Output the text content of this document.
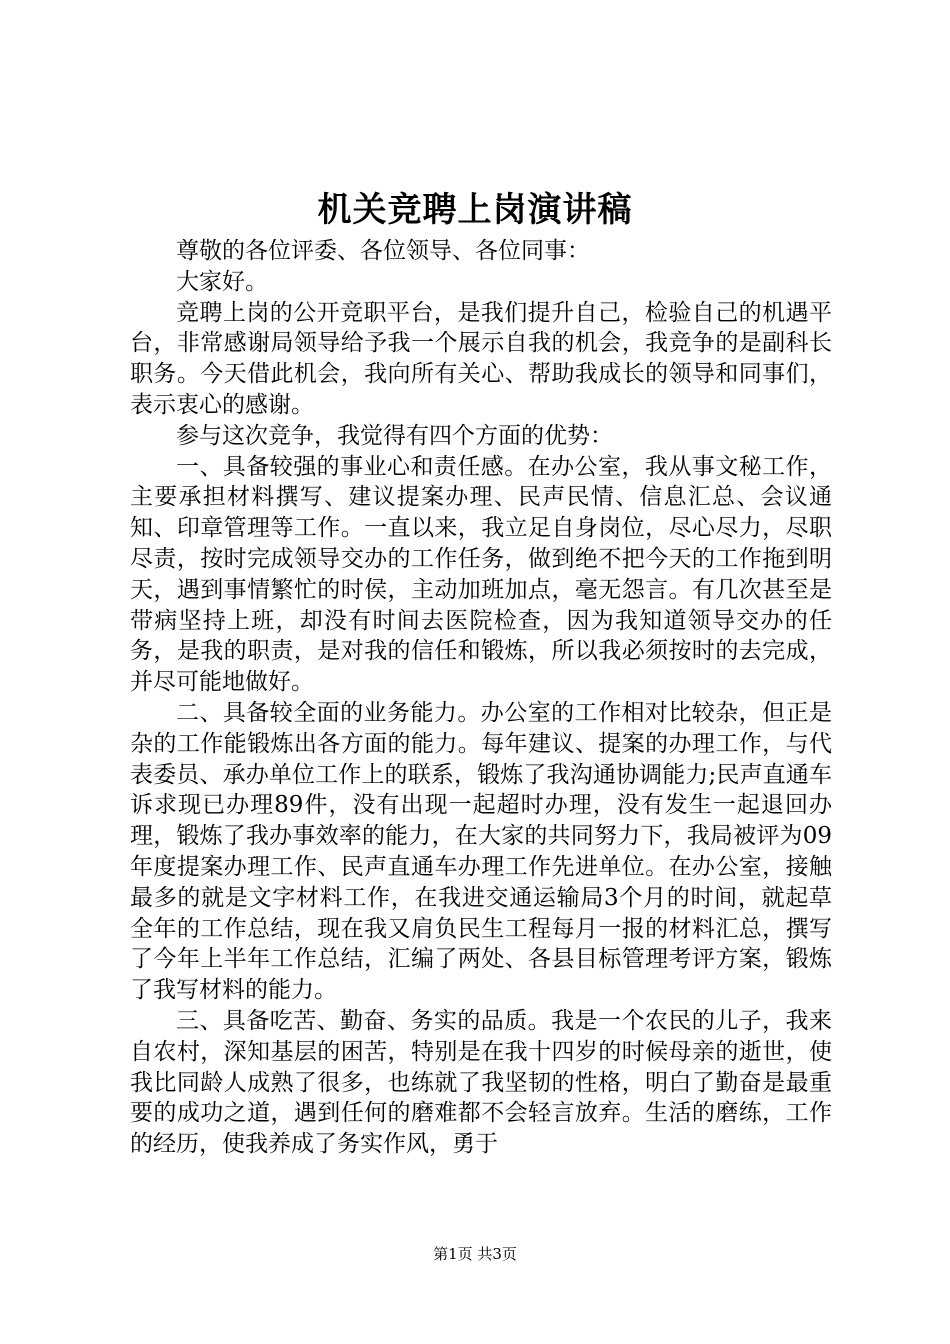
机关竞聘上岗演讲稿

尊敬的各位评委、各位领导、各位同事：

大家好。

竞聘上岗的公开竞职平台，是我们提升自己，检验自己的机遇平台，非常感谢局领导给予我一个展示自我的机会，我竞争的是副科长职务。今天借此机会，我向所有关心、帮助我成长的领导和同事们，表示衷心的感谢。

参与这次竞争，我觉得有四个方面的优势：

一、具备较强的事业心和责任感。在办公室，我从事文秘工作，主要承担材料撰写、建议提案办理、民声民情、信息汇总、会议通知、印章管理等工作。一直以来，我立足自身岗位，尽心尽力，尽职尽责，按时完成领导交办的工作任务，做到绝不把今天的工作拖到明天，遇到事情繁忙的时侯，主动加班加点，毫无怨言。有几次甚至是带病坚持上班，却没有时间去医院检查，因为我知道领导交办的任务，是我的职责，是对我的信任和锻炼，所以我必须按时的去完成，并尽可能地做好。

二、具备较全面的业务能力。办公室的工作相对比较杂，但正是杂的工作能锻炼出各方面的能力。每年建议、提案的办理工作，与代表委员、承办单位工作上的联系，锻炼了我沟通协调能力;民声直通车诉求现已办理89件，没有出现一起超时办理，没有发生一起退回办理，锻炼了我办事效率的能力，在大家的共同努力下，我局被评为09年度提案办理工作、民声直通车办理工作先进单位。在办公室，接触最多的就是文字材料工作，在我进交通运输局3个月的时间，就起草全年的工作总结，现在我又肩负民生工程每月一报的材料汇总，撰写了今年上半年工作总结，汇编了两处、各县目标管理考评方案，锻炼了我写材料的能力。

三、具备吃苦、勤奋、务实的品质。我是一个农民的儿子，我来自农村，深知基层的困苦，特别是在我十四岁的时候母亲的逝世，使我比同龄人成熟了很多，也练就了我坚韧的性格，明白了勤奋是最重要的成功之道，遇到任何的磨难都不会轻言放弃。生活的磨练，工作的经历，使我养成了务实作风，勇于

第1页 共3页
